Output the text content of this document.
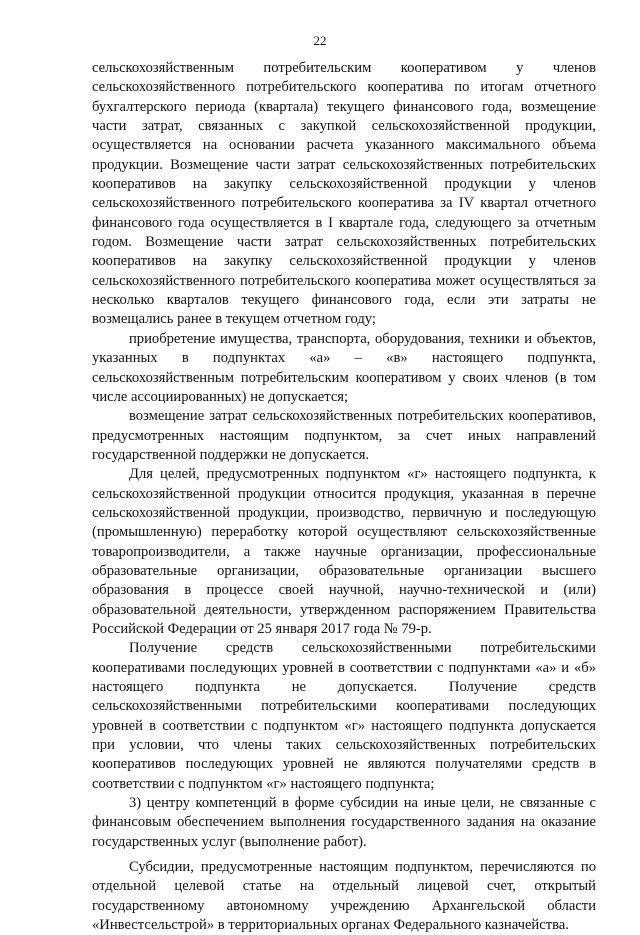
22

сельскохозяйственным потребительским кооперативом у членов сельскохозяйственного потребительского кооператива по итогам отчетного бухгалтерского периода (квартала) текущего финансового года, возмещение части затрат, связанных с закупкой сельскохозяйственной продукции, осуществляется на основании расчета указанного максимального объема продукции. Возмещение части затрат сельскохозяйственных потребительских кооперативов на закупку сельскохозяйственной продукции у членов сельскохозяйственного потребительского кооператива за IV квартал отчетного финансового года осуществляется в I квартале года, следующего за отчетным годом. Возмещение части затрат сельскохозяйственных потребительских кооперативов на закупку сельскохозяйственной продукции у членов сельскохозяйственного потребительского кооператива может осуществляться за несколько кварталов текущего финансового года, если эти затраты не возмещались ранее в текущем отчетном году;

приобретение имущества, транспорта, оборудования, техники и объектов, указанных в подпунктах «а» – «в» настоящего подпункта, сельскохозяйственным потребительским кооперативом у своих членов (в том числе ассоциированных) не допускается;

возмещение затрат сельскохозяйственных потребительских кооперативов, предусмотренных настоящим подпунктом, за счет иных направлений государственной поддержки не допускается.

Для целей, предусмотренных подпунктом «г» настоящего подпункта, к сельскохозяйственной продукции относится продукция, указанная в перечне сельскохозяйственной продукции, производство, первичную и последующую (промышленную) переработку которой осуществляют сельскохозяйственные товаропроизводители, а также научные организации, профессиональные образовательные организации, образовательные организации высшего образования в процессе своей научной, научно-технической и (или) образовательной деятельности, утвержденном распоряжением Правительства Российской Федерации от 25 января 2017 года № 79-р.

Получение средств сельскохозяйственными потребительскими кооперативами последующих уровней в соответствии с подпунктами «а» и «б» настоящего подпункта не допускается. Получение средств сельскохозяйственными потребительскими кооперативами последующих уровней в соответствии с подпунктом «г» настоящего подпункта допускается при условии, что члены таких сельскохозяйственных потребительских кооперативов последующих уровней не являются получателями средств в соответствии с подпунктом «г» настоящего подпункта;

3) центру компетенций в форме субсидии на иные цели, не связанные с финансовым обеспечением выполнения государственного задания на оказание государственных услуг (выполнение работ).

Субсидии, предусмотренные настоящим подпунктом, перечисляются по отдельной целевой статье на отдельный лицевой счет, открытый государственному автономному учреждению Архангельской области «Инвестсельстрой» в территориальных органах Федерального казначейства.
